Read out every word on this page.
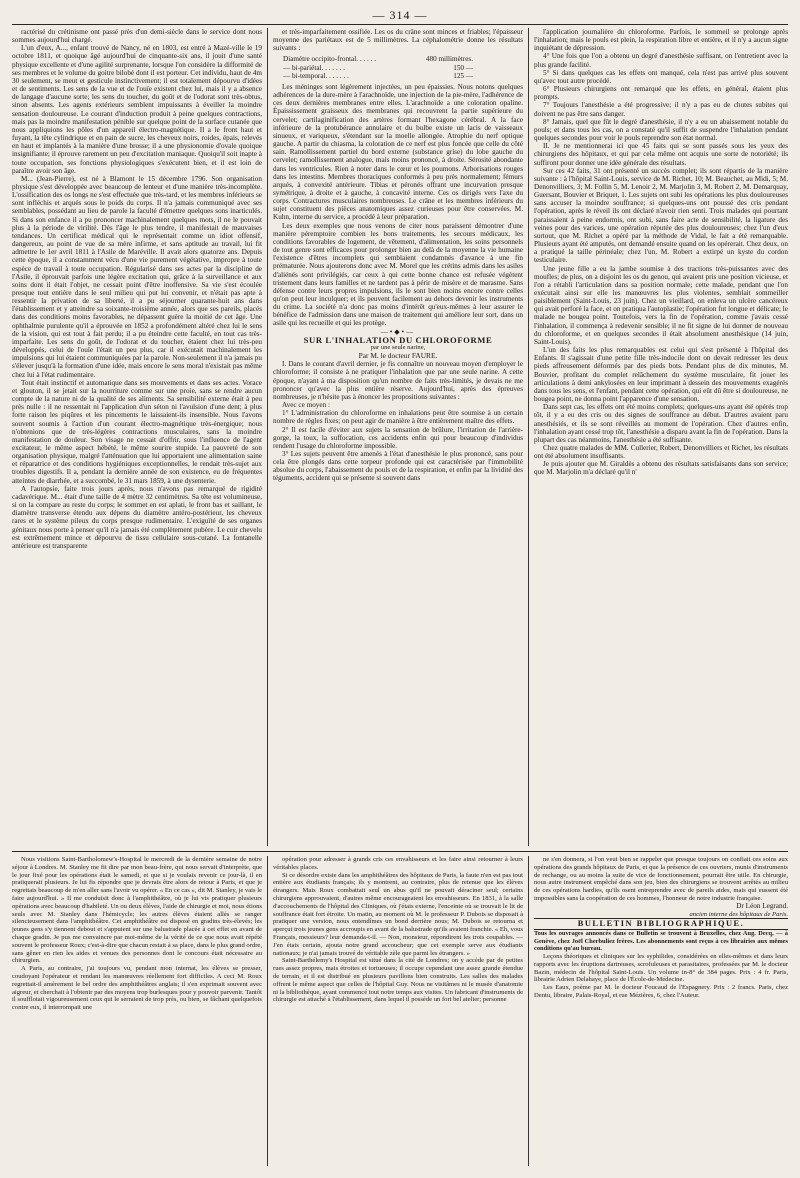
— 314 —

ractérisé du crétinisme ont passé près d'un demi-siècle dans le service dont nous sommes aujourd'hui chargé.

L'un d'eux, A..., enfant trouvé de Nancy, né en 1803, est entré à Mazé-ville le 19 octobre 1811, et quoique âgé aujourd'hui de cinquante-six ans, il jouit d'une santé physique excellente et d'une agilité surprenante, lorsque l'on considère la difformité de ses membres et le volume du goitre bilobé dont il est porteur. Cet individu, haut de 4m 30 seulement, se meut et gesticule instinctivement; il est totalement dépourvu d'idées et de sentiments. Les sens de la vue et de l'ouïe existent chez lui, mais il y a absence de langage d'aucune sorte; les sens du toucher, du goût et de l'odorat sont très-obtus, sinon absents. Les agents extérieurs semblent impuissants à éveiller la moindre sensation douloureuse. Le courant d'induction produit à peine quelques contractions, mais pas la moindre manifestation pénible sur quelque point de la surface cutanée que nous appliquions les pôles d'un appareil électro-magnétique. Il a le front haut et fuyant, la tête cylindrique et en pain de sucre, les cheveux noirs, roides, épais, relevés en haut et implantés à la manière d'une brosse; il a une physionomie d'ovale quoique insignifiante; il éprouve rarement un peu d'excitation maniaque. Quoiqu'il soit inapte à toute occupation, ses fonctions physiologiques s'exécutent bien, et il est loin de paraître avoir son âge.

M... (Jean-Pierre), est né à Blamont le 15 décembre 1796. Son organisation physique s'est développée avec beaucoup de lenteur et d'une manière très-incomplète. L'ossification des os longs ne s'est effectuée que très-tard, et les membres inférieurs se sont infléchis et arqués sous le poids du corps. Il n'a jamais communiqué avec ses semblables, possédant au lieu de parole la faculté d'émettre quelques sons inarticulés. Si dans son enfance il a pu prononcer machinalement quelques mots, il ne le pouvait plus à la période de virilité. Dès l'âge le plus tendre, il manifestait de mauvaises tendances. Un certificat médical qui le représentait comme un idiot offensif, dangereux, au point de vue de sa mère infirme, et sans aptitude au travail, lui fit admettre le 1er avril 1811 à l'Asile de Maréville. Il avait alors quatorze ans. Depuis cette époque, il a constamment vécu d'une vie purement végétative, impropre à toute espèce de travail à toute occupation. Régularisé dans ses actes par la discipline de l'Asile, il éprouvait parfois une légère excitation qui, grâce à la surveillance et aux soins dont il était l'objet, ne cessait point d'être inoffensive. Sa vie s'est écoulée presque tout entière dans le seul milieu qui put lui convenir, et n'était pas apte à ressentir la privation de sa liberté, il a pu séjourner quarante-huit ans dans l'établissement et y atteindre sa soixante-troisième année, alors que ses pareils, placés dans des conditions moins favorables, ne dépassent guère la moitié de cet âge. Une ophthalmie purulente qu'il a éprouvée en 1852 a profondément altéré chez lui le sens de la vision, qui est tout à fait perdu; il a pu éteindre cette faculté, en tout cas très-imparfaite. Les sens du goût, de l'odorat et du toucher, étaient chez lui très-peu développés, celui de l'ouïe l'était un peu plus, car il exécutait machinalement les impulsions qui lui étaient communiquées par la parole. Non-seulement il n'a jamais pu s'élever jusqu'à la formation d'une idée, mais encore le sens moral n'existait pas même chez lui à l'état rudimentaire.

Tout était instinctif et automatique dans ses mouvements et dans ses actes. Vorace et glouton, il se jetait sur la nourriture comme sur une proie, sans se rendre aucun compte de la nature ni de la qualité de ses aliments. Sa sensibilité externe était à peu près nulle : il ne ressentait ni l'application d'un séton ni l'avulsion d'une dent; à plus forte raison les piqûres et les pincements le laissaient-ils insensible. Nous l'avons souvent soumis à l'action d'un courant électro-magnétique très-énergique; nous n'obtenions que de très-légères contractions musculaires, sans la moindre manifestation de douleur. Son visage ne cessait d'offrir, sous l'influence de l'agent excitateur, le même aspect hébété, le même sourire stupide. La pauvreté de son organisation physique, malgré l'atténuation que lui apportaient une alimentation saine et réparatrice et des conditions hygiéniques exceptionnelles, le rendait très-sujet aux troubles digestifs. Il a, pendant la dernière année de son existence, eu de fréquentes atteintes de diarrhée, et a succombé, le 31 mars 1859, à une dysenterie.

A l'autopsie, faite trois jours après, nous n'avons pas remarqué de rigidité cadavérique. M... était d'une taille de 4 mètre 32 centimètres. Sa tête est volumineuse, si on la compare au reste du corps; le sommet en est aplati, le front bas et saillant, le diamètre transverse étendu aux dépens du diamètre antéro-postérieur, les cheveux rares et le système pileux du corps presque rudimentaire. L'exiguïté de ses organes génitaux nous porte à penser qu'il n'a jamais été complètement pubère. Le cuir chevelu est extrêmement mince et dépourvu de tissu cellulaire sous-cutané. La fontanelle antérieure est transparente

et très-imparfaitement ossifiée. Les os du crâne sont minces et friables; l'épaisseur moyenne des pariétaux est de 5 millimètres. La céphalométrie donne les résultats suivants :

Diamètre occipito-frontal. . . . . .	480 millimètres.
— bi-pariétal. . . . . . .	150 —
— bi-temporal. . . . . . .	125 —

Les méninges sont légèrement injectées, un peu épaissies. Nous notons quelques adhérences de la dure-mère à l'arachnoïde, une injection de la pie-mère, l'adhérence de ces deux dernières membranes entre elles. L'arachnoïde a une coloration opaline. Épaississement graisseux des membranes qui recouvrent la partie supérieure du cervelet; cartilaginification des artères formant l'hexagone cérébral. A la face inférieure de la protubérance annulaire et du bulbe existe un lacis de vaisseaux sinueux, et variqueux, s'étendant sur la moelle allongée. Atrophie du nerf optique gauche. A partir du chiasma, la coloration de ce nerf est plus foncée que celle du côté sain. Ramollissement partiel du bord externe (substance grise) du lobe gauche du cervelet; ramollissement analogue, mais moins prononcé, à droite. Sérosité abondante dans les ventricules. Rien à noter dans le cœur et les poumons. Arborisations rouges dans les intestins. Membres thoraciques conformés à peu près normalement; fémurs arqués, à convexité antérieure. Tibias et péronés offrant une incurvation presque symétrique, à droite et à gauche, à concavité interne. Ces os dirigés vers l'axe du corps. Contractures musculaires nombreuses. Le crâne et les membres inférieurs du sujet constituent des pièces anatomiques assez curieuses pour être conservées. M. Kuhn, interne du service, a procédé à leur préparation.

Les deux exemples que nous venons de citer nous paraissent démontrer d'une manière péremptoire combien les bons traitements, les secours médicaux, les conditions favorables de logement, de vêtement, d'alimentation, les soins personnels de tout genre sont efficaces pour prolonger bien au delà de la moyenne la vie humaine l'existence d'êtres incomplets qui semblaient condamnés d'avance à une fin prématurée. Nous ajouterons donc avec M. Morel que les crétins admis dans les asiles d'aliénés sont privilégiés, car ceux à qui cette bonne chance est refusée végètent tristement dans leurs familles et ne tardent pas à périr de misère et de marasme. Sans défense contre leurs propres impulsions, ils le sont bien moins encore contre celles qu'on peut leur inculquer; et ils peuvent facilement au dehors devenir les instruments du crime. La société n'a donc pas moins d'intérêt qu'eux-mêmes à leur assurer le bénéfice de l'admission dans une maison de traitement qui améliore leur sort, dans un asile qui les recueille et qui les protège.

—•◆•—

SUR L'INHALATION DU CHLOROFORME

par une seule narine,

Par M. le docteur FAURE.

I. Dans le courant d'avril dernier, je fis connaître un nouveau moyen d'employer le chloroforme; il consiste à ne pratiquer l'inhalation que par une seule narine. A cette époque, n'ayant à ma disposition qu'un nombre de faits très-limités, je devais ne me prononcer qu'avec la plus entière réserve. Aujourd'hui, après des épreuves nombreuses, je n'hésite pas à énoncer les propositions suivantes :

Avec ce moyen :

1° L'administration du chloroforme en inhalations peut être soumise à un certain nombre de règles fixes; on peut agir de manière à être entièrement maître des effets.

2° Il est facile d'éviter aux sujets la sensation de brûlure, l'irritation de l'arrière-gorge, la toux, la suffocation, ces accidents enfin qui pour beaucoup d'individus rendent l'usage du chloroforme impossible.

3° Les sujets peuvent être amenés à l'état d'anesthésie le plus prononcé, sans pour cela être plongés dans cette torpeur profonde qui est caractérisée par l'immobilité absolue du corps, l'abaissement du pouls et de la respiration, et enfin par la lividité des téguments, accident qui se présente si souvent dans

l'application journalière du chloroforme. Parfois, le sommeil se prolonge après l'inhalation; mais le pouls est plein, la respiration libre et entière, et il n'y a aucun signe inquiétant de dépression.

4° Une fois que l'on a obtenu un degré d'anesthésie suffisant, on l'entretient avec la plus grande facilité.

5° Si dans quelques cas les effets ont manqué, cela n'est pas arrivé plus souvent qu'avec tout autre procédé.

6° Plusieurs chirurgiens ont remarqué que les effets, en général, étaient plus prompts.

7° Toujours l'anesthésie a été progressive; il n'y a pas eu de chutes subites qui doivent ne pas être sans danger.

8° Jamais, quel que fût le degré d'anesthésie, il n'y a eu un abaissement notable du pouls; et dans tous les cas, on a constaté qu'il suffit de suspendre l'inhalation pendant quelques secondes pour voir le pouls reprendre son état normal.

II. Je ne mentionnerai ici que 45 faits qui se sont passés sous les yeux des chirurgiens des hôpitaux, et qui par cela même ont acquis une sorte de notoriété; ils suffiront pour donner une idée générale des résultats.

Sur ces 42 faits, 31 ont présenté un succès complet; ils sont répartis de la manière suivante : à l'hôpital Saint-Louis, service de M. Richet, 10; M. Beauchet, au Midi, 5; M. Denonvilliers, 3; M. Follin 5, M. Lenoir 2, M. Marjolin 3, M. Robert 2, M. Demarquay, Guersant, Bouvier et Briquet, 1. Les sujets ont subi les opérations les plus douloureuses sans accuser la moindre souffrance; si quelques-uns ont poussé des cris pendant l'opération, après le réveil ils ont déclaré n'avoir rien senti. Trois malades qui pourtant paraissaient à peine endormis, ont subi, sans faire acte de sensibilité, la ligature des veines pour des varices, une opération réputée des plus douloureuses; chez l'un d'eux surtout, que M. Richet a opéré par la méthode de Vidal, le fait a été remarquable. Plusieurs ayant été amputés, ont demandé ensuite quand on les opérerait. Chez deux, on a pratiqué la taille périnéale; chez l'un, M. Robert a extirpé un kyste du cordon testiculaire.

Une jeune fille a eu la jambe soumise à des tractions très-puissantes avec des moufles; de plus, on a disjoint les os du genou, qui avaient pris une position vicieuse, et l'on a rétabli l'articulation dans sa position normale; cette malade, pendant que l'on exécutait ainsi sur elle les manœuvres les plus violentes, semblait sommeiller paisiblement (Saint-Louis, 23 juin). Chez un vieillard, on enleva un ulcère cancéreux qui avait perforé la face, et on pratiqua l'autoplastie; l'opération fut longue et délicate; le malade ne bougea point. Toutefois, vers la fin de l'opération, comme j'avais cessé l'inhalation, il commença à redevenir sensible; il ne fit signe de lui donner de nouveau du chloroforme, et en quelques secondes il était absolument anesthésique (14 juin, Saint-Louis).

L'un des faits les plus remarquables est celui qui s'est présenté à l'hôpital des Enfants. Il s'agissait d'une petite fille très-indocile dont on devait redresser les deux pieds affreusement déformés par des pieds bots. Pendant plus de dix minutes, M. Bouvier, profitant du complet relâchement du système musculaire, fit jouer les articulations à demi ankylosées en leur imprimant à dessein des mouvements exagérés dans tous les sens, et l'enfant, pendant cette opération, qui eût dû être si douloureuse, ne bougea point, ne donna point l'apparence d'une sensation.

Dans sept cas, les effets ont été moins complets; quelques-uns ayant été opérés trop tôt, il y a eu des cris ou des signes de souffrance au début. D'autres avaient paru anesthésiés, et ils se sont réveillés au moment de l'opération. Chez d'autres enfin, l'inhalation ayant cessé trop tôt, l'anesthésie a disparu avant la fin de l'opération. Dans la plupart des cas néanmoins, l'anesthésie a été suffisante.

Chez quatre malades de MM. Cullerier, Robert, Denonvilliers et Richet, les résultats ont été absolument insuffisants.

Je puis ajouter que M. Giraldès a obtenu des résultats satisfaisants dans son service; que M. Marjolin m'a déclaré qu'il n'

Nous visitions Saint-Bartholomew's-Hospital le mercredi de la dernière semaine de notre séjour à Londres. M. Stanley me fit dire par mon beau-frère, qui nous servait d'interprète, que le jour fixé pour les opérations était le samedi, et que si je voulais revenir ce jour-là, il en pratiquerait plusieurs. Je lui fis répondre que je devrais être alors de retour à Paris, et que je regrettais beaucoup de m'en aller sans l'avoir vu opérer. « En ce cas », dit M. Stanley, je vais le faire aujourd'hui. » Il me conduisit donc à l'amphithéâtre, où je lui vis pratiquer plusieurs opérations avec beaucoup d'habileté. Un ou deux élèves, l'aide de chirurgie et moi, nous étions seuls avec M. Stanley dans l'hémicycle; les autres élèves étaient allés se ranger silencieusement dans l'amphithéâtre. Cet amphithéâtre est disposé en gradins très-élevés; les jeunes gens s'y tiennent debout et s'appuient sur une balustrade placée à cet effet en avant de chaque gradin. Je pus me convaincre par moi-même de la vérité de ce que nous avait répété souvent le professeur Roux; c'est-à-dire que chacun restait à sa place, dans le plus grand ordre, sans gêner en rien les aides et venues des personnes dont le concours était nécessaire au chirurgien.

A Paris, au contraire, j'ai toujours vu, pendant mon internat, les élèves se presser, coudoyant l'opérateur et rendant les manœuvres réellement fort difficiles. A ceci M. Roux regrettait-il amèrement le bel ordre des amphithéâtres anglais; il s'en exprimait souvent avec aigreur, et cherchait à l'obtenir par des moyens trop burlesques pour y pouvoir parvenir. Tantôt il soufflotait vigoureusement ceux qui le serraient de trop près, ou bien, se fâchant quelquefois contre eux, il interrompait une

opération pour adresser à grands cris ces envahisseurs et les faire ainsi retourner à leurs véritables places.

Si ce désordre existe dans les amphithéâtres des hôpitaux de Paris, la faute n'en est pas tout entière aux étudiants français; ils y montrent, au contraire, plus de retenue que les élèves étrangers. Mais Roux combattait seul un abus qu'il ne pouvait déraciner seul; certains chirurgiens approuvaient, d'autres même encourageaient les envahisseurs. En 1831, à la salle d'accouchements de l'hôpital des Cliniques, où j'étais externe, l'enceinte où se trouvait le lit de souffrance était fort étroite. Un matin, au moment où M. le professeur P. Dubois se disposait à pratiquer une version, nous entendîmes un bond derrière nous; M. Dubois se retourna et aperçut trois jeunes gens accroupis en avant de la balustrade qu'ils avaient franchie. « Eh, vous Français, messieurs? leur demanda-t-il. — Non, monsieur, répondirent les trois coupables. — J'en étais certain, ajouta notre grand accoucheur; que cet exemple serve aux étudiants nationaux; je n'ai jamais trouvé de véritable zèle que parmi les étrangers. »

Saint-Barthélemy's Hospital est situé dans la cité de Londres; on y accède par de petites rues assez propres, mais étroites et tortueuses; il occupe cependant une assez grande étendue de terrain, et il est distribué en plusieurs pavillons bien construits. Les salles des malades offrent le même aspect que celles de l'hôpital Guy. Nous ne visitâmes ni le musée d'anatomie ni la bibliothèque, ayant commencé tout notre temps aux visites. Un fabricant d'instruments de chirurgie est attaché à l'établissement, dans lequel il possède un fort bel atelier; personne

ne s'en donnera, si l'on veut bien se rappeler que presque toujours on confiait ces soins aux opérations des grands hôpitaux de Paris, et que la présence de ces ouvriers, munis d'instruments de rechange, ou au moins la suite de vice de fonctionnement, pourrait être utile. En chirurgie, nous autre instrument empêché dans son jeu, bien des chirurgiens se trouvent arrêtés au milieu de ces opérations hardies, qu'ils osent entreprendre avec de pareils aides, mais qui eussent été impossibles sans la coopération de ces hommes, l'honneur de notre industrie française.

Dr Léon Legrand.

ancien interne des hôpitaux de Paris.

BULLETIN BIBLIOGRAPHIQUE.

Tous les ouvrages annoncés dans ce Bulletin se trouvent à Bruxelles, chez Aug. Decq, — à Genève, chez Joël Cherbuliez frères. Les abonnements sont reçus à ces librairies aux mêmes conditions qu'au bureau.

Leçons théoriques et cliniques sur les syphilides, considérées en elles-mêmes et dans leurs rapports avec les éruptions dartreuses, scrofuleuses et parasitaires, professées par M. le docteur Bazin, médecin de l'hôpital Saint-Louis. Un volume in-8° de 384 pages. Prix : 4 fr. Paris, librairie Adrien Delahaye, place de l'École-de-Médecine.

Les Eaux, poème par M. le docteur Foucaud de l'Espagnery. Prix : 2 francs. Paris, chez Dentu, libraire, Palais-Royal, et rue Mézières, 6, chez l'Auteur.
